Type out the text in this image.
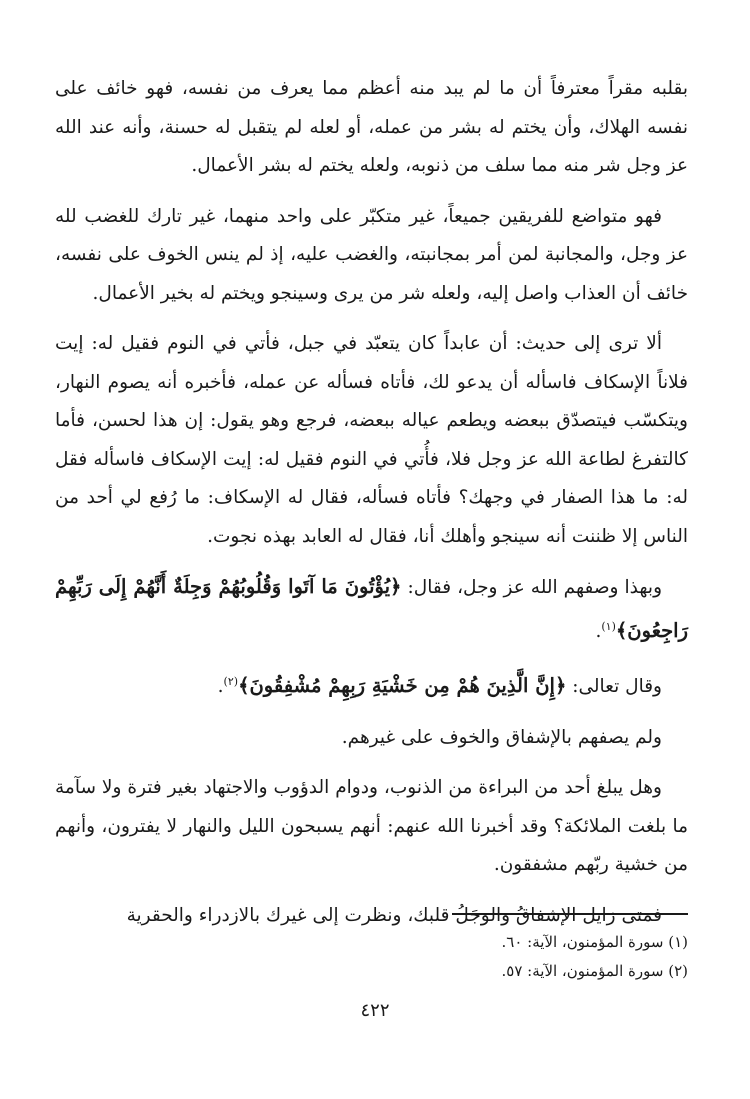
بقلبه مقراً معترفاً أن ما لم يبد منه أعظم مما يعرف من نفسه، فهو خائف على نفسه الهلاك، وأن يختم له بشر من عمله، أو لعله لم يتقبل له حسنة، وأنه عند الله عز وجل شر منه مما سلف من ذنوبه، ولعله يختم له بشر الأعمال.

فهو متواضع للفريقين جميعاً، غير متكبّر على واحد منهما، غير تارك للغضب لله عز وجل، والمجانبة لمن أمر بمجانبته، والغضب عليه، إذ لم ينس الخوف على نفسه، خائف أن العذاب واصل إليه، ولعله شر من يرى وسينجو ويختم له بخير الأعمال.

ألا ترى إلى حديث: أن عابداً كان يتعبّد في جبل، فأتي في النوم فقيل له: إيت فلاناً الإسكاف فاسأله أن يدعو لك، فأتاه فسأله عن عمله، فأخبره أنه يصوم النهار، ويتكسّب فيتصدّق ببعضه ويطعم عياله ببعضه، فرجع وهو يقول: إن هذا لحسن، فأما كالتفرغ لطاعة الله عز وجل فلا، فأُتي في النوم فقيل له: إيت الإسكاف فاسأله فقل له: ما هذا الصفار في وجهك؟ فأتاه فسأله، فقال له الإسكاف: ما رُفع لي أحد من الناس إلا ظننت أنه سينجو وأهلك أنا، فقال له العابد بهذه نجوت.

وبهذا وصفهم الله عز وجل، فقال: ﴿يُؤْتُونَ مَا آتَوا وَقُلُوبُهُمْ وَجِلَةٌ أَنَّهُمْ إِلَى رَبِّهِمْ رَاجِعُونَ﴾$^{(١)}$.

وقال تعالى: ﴿إِنَّ الَّذِينَ هُمْ مِن خَشْيَةِ رَبِهِمْ مُشْفِقُونَ﴾$^{(٢)}$.

ولم يصفهم بالإشفاق والخوف على غيرهم.

وهل يبلغ أحد من البراءة من الذنوب، ودوام الدؤوب والاجتهاد بغير فترة ولا سآمة ما بلغت الملائكة؟ وقد أخبرنا الله عنهم: أنهم يسبحون الليل والنهار لا يفترون، وأنهم من خشية ربّهم مشفقون.

فمتى زايل الإشفاقُ والوجَلُ قلبك، ونظرت إلى غيرك بالازدراء والحقرية

(١) سورة المؤمنون، الآية: ٦٠.
(٢) سورة المؤمنون، الآية: ٥٧.
٤٢٢
